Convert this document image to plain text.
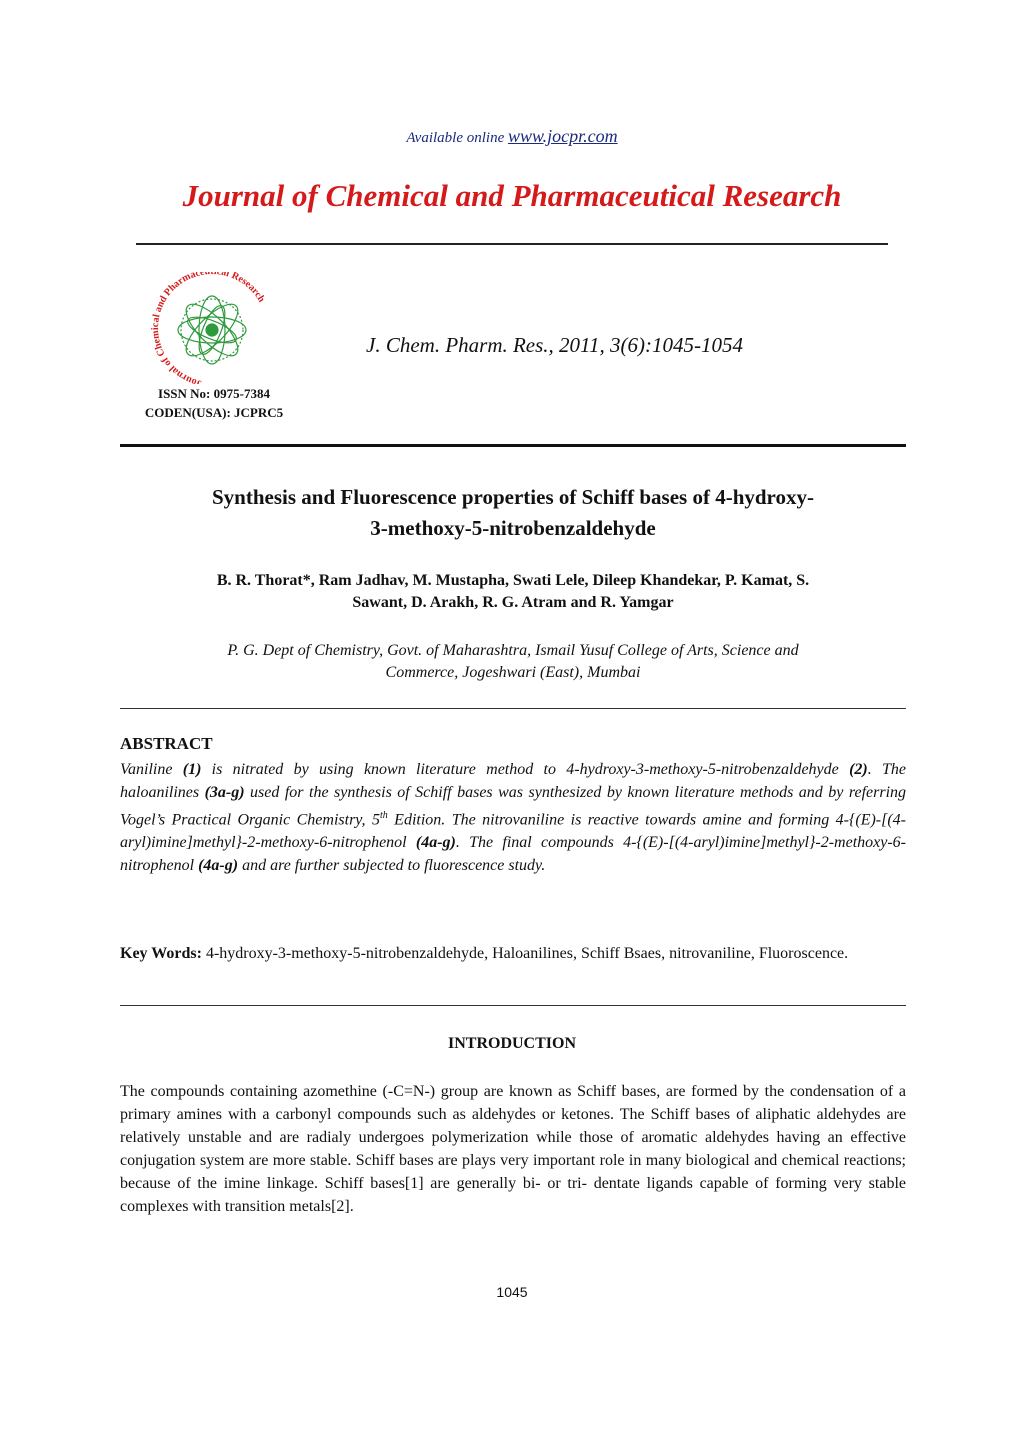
Available online www.jocpr.com
Journal of Chemical and Pharmaceutical Research
Journal of Chemical and Pharmace al Research
ISSN No: 0975-7384
CODEN(USA): JCPRC5
J. Chem. Pharm. Res., 2011, 3(6):1045-1054
Synthesis and Fluorescence properties of Schiff bases of 4-hydroxy-
3-methoxy-5-nitrobenzaldehyde
B. R. Thorat*, Ram Jadhav, M. Mustapha, Swati Lele, Dileep Khandekar, P. Kamat, S.
Sawant, D. Arakh, R. G. Atram and R. Yamgar
P. G. Dept of Chemistry, Govt. of Maharashtra, Ismail Yusuf College of Arts, Science and
Commerce, Jogeshwari (East), Mumbai
ABSTRACT
Vaniline (1) is nitrated by using known literature method to 4-hydroxy-3-methoxy-5-nitrobenzaldehyde (2). The haloanilines (3a-g) used for the synthesis of Schiff bases was synthesized by known literature methods and by referring Vogel’s Practical Organic Chemistry, 5th Edition. The nitrovaniline is reactive towards amine and forming 4-{(E)-[(4-aryl)imine]methyl}-2-methoxy-6-nitrophenol (4a-g). The final compounds 4-{(E)-[(4-aryl)imine]methyl}-2-methoxy-6-nitrophenol (4a-g) and are further subjected to fluorescence study.
Key Words: 4-hydroxy-3-methoxy-5-nitrobenzaldehyde, Haloanilines, Schiff Bsaes, nitrovaniline, Fluoroscence.
INTRODUCTION
The compounds containing azomethine (-C=N-) group are known as Schiff bases, are formed by the condensation of a primary amines with a carbonyl compounds such as aldehydes or ketones. The Schiff bases of aliphatic aldehydes are relatively unstable and are radialy undergoes polymerization while those of aromatic aldehydes having an effective conjugation system are more stable. Schiff bases are plays very important role in many biological and chemical reactions; because of the imine linkage. Schiff bases[1] are generally bi- or tri- dentate ligands capable of forming very stable complexes with transition metals[2].
1045
